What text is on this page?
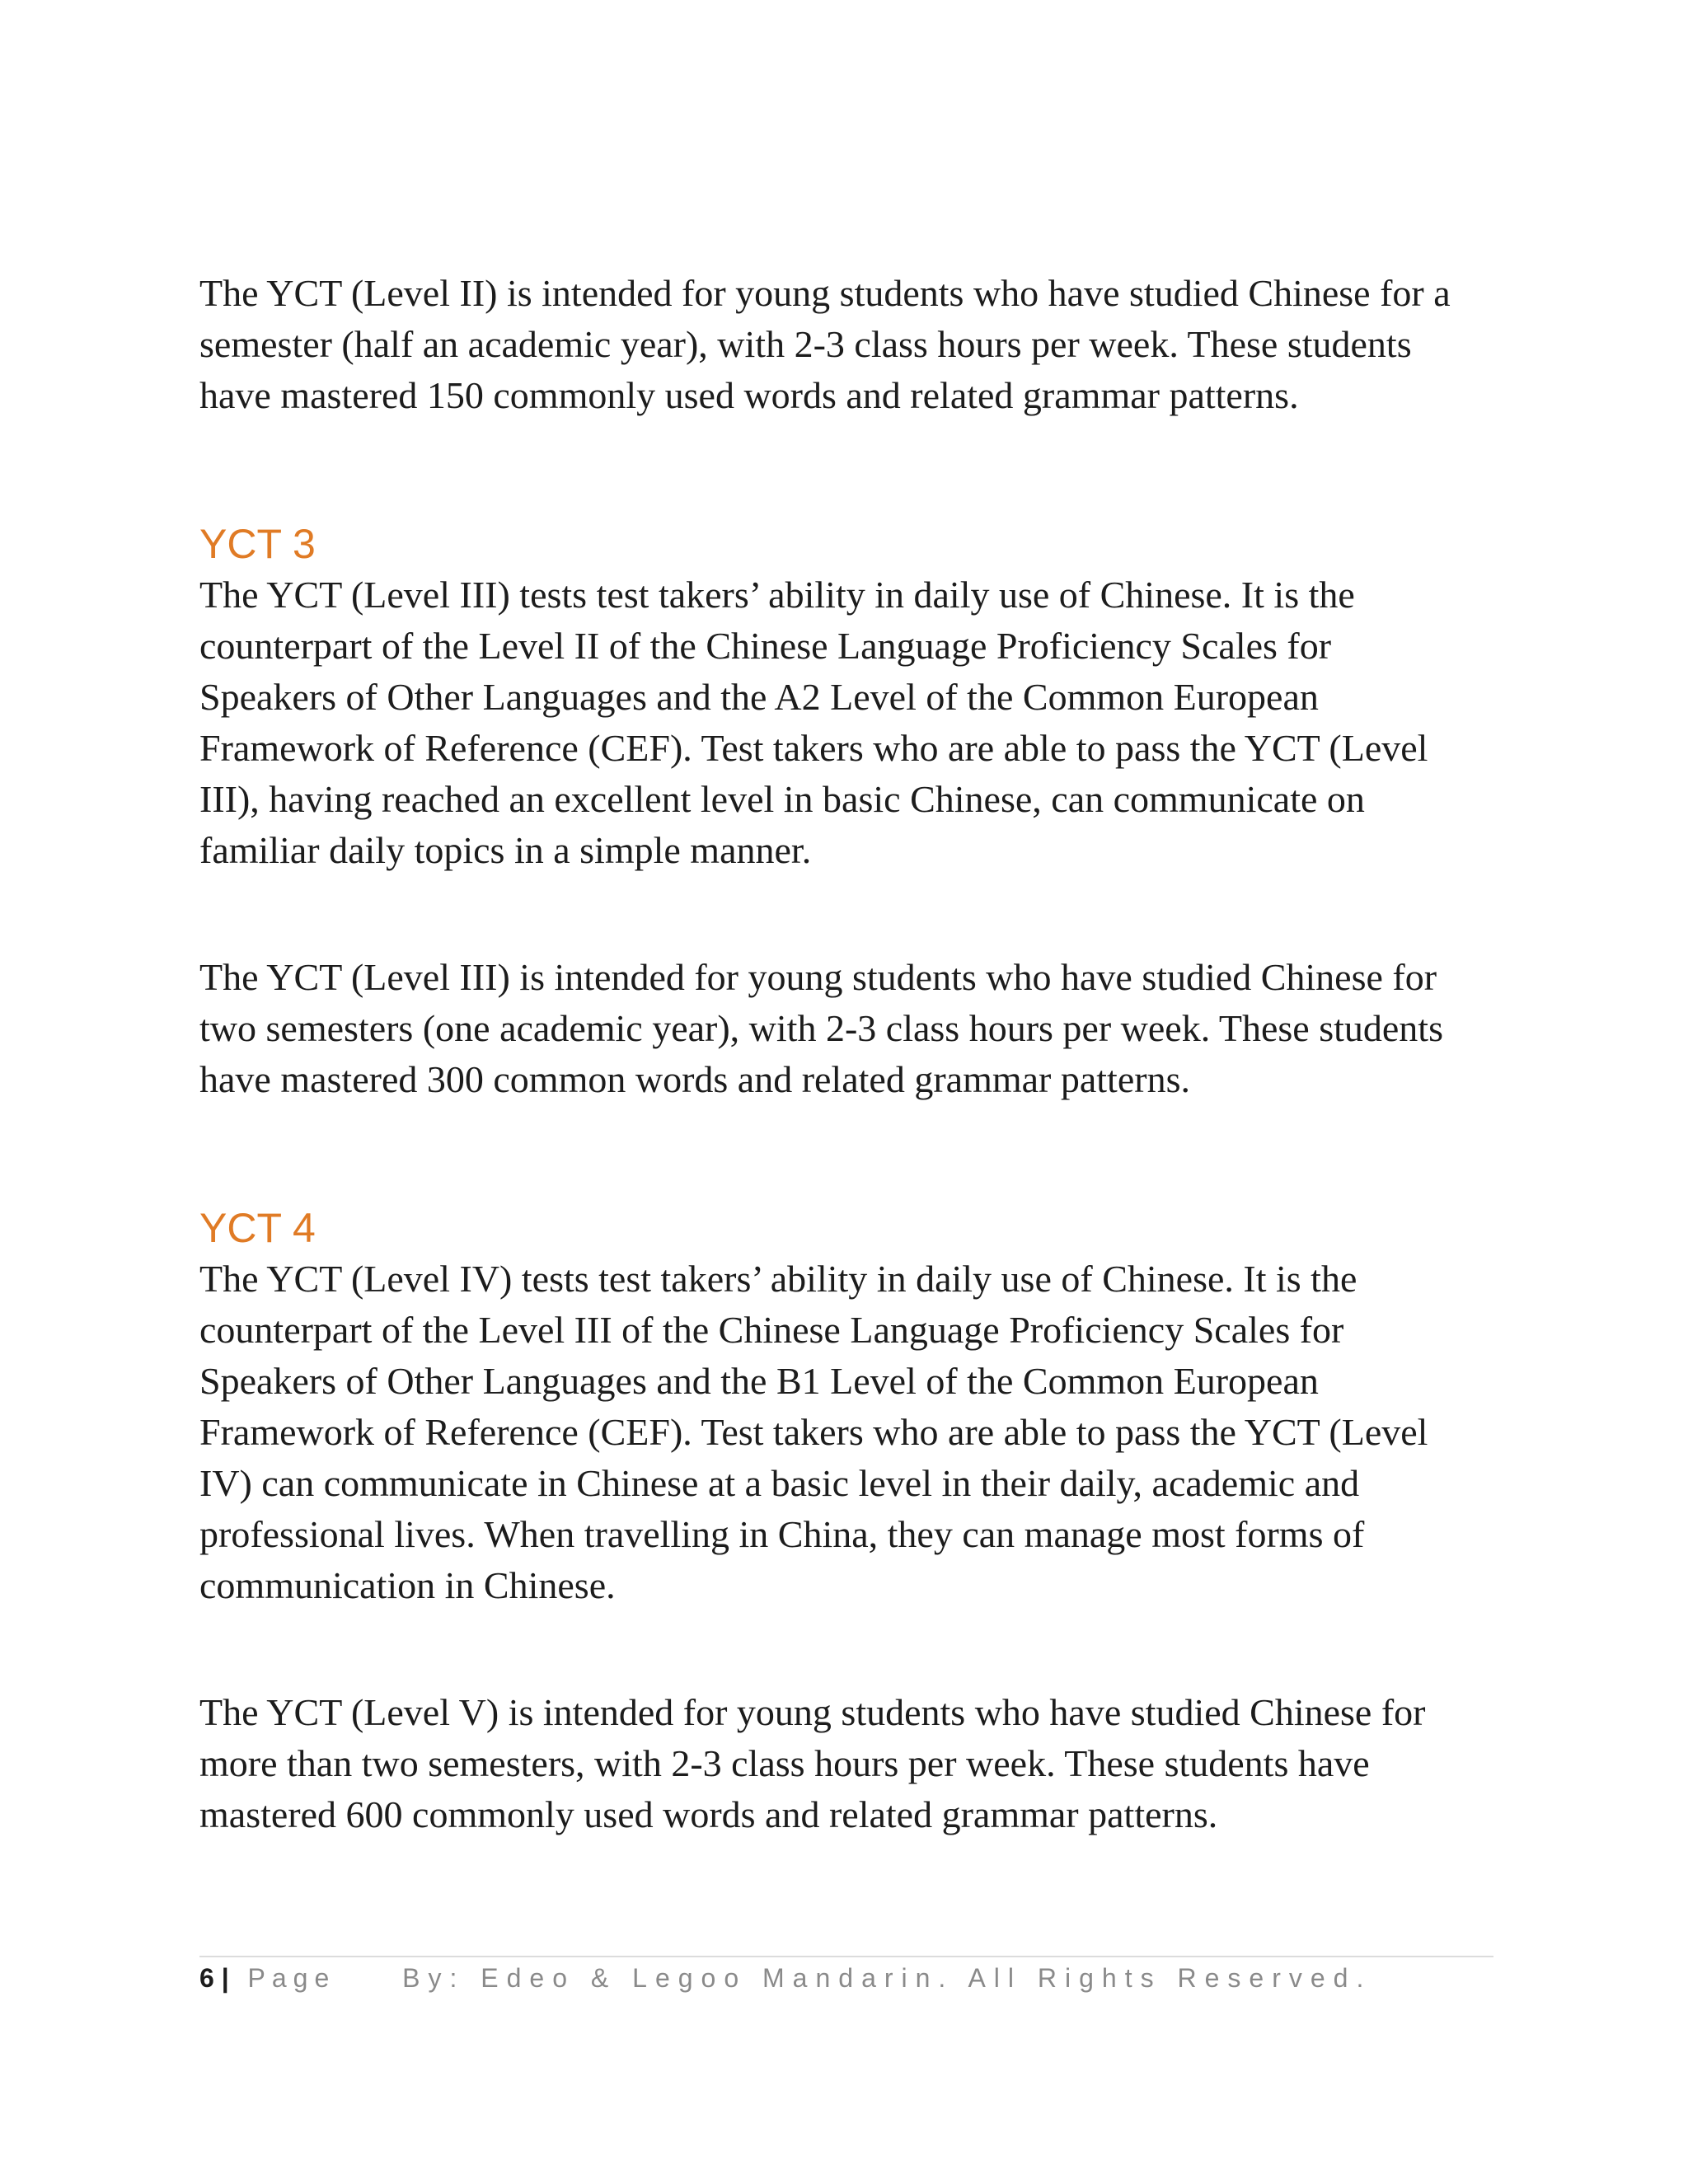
The YCT (Level II) is intended for young students who have studied Chinese for a
semester (half an academic year), with 2-3 class hours per week. These students
have mastered 150 commonly used words and related grammar patterns.

YCT 3

The YCT (Level III) tests test takers’ ability in daily use of Chinese. It is the
counterpart of the Level II of the Chinese Language Proficiency Scales for
Speakers of Other Languages and the A2 Level of the Common European
Framework of Reference (CEF). Test takers who are able to pass the YCT (Level
III), having reached an excellent level in basic Chinese, can communicate on
familiar daily topics in a simple manner.

The YCT (Level III) is intended for young students who have studied Chinese for
two semesters (one academic year), with 2-3 class hours per week. These students
have mastered 300 common words and related grammar patterns.

YCT 4

The YCT (Level IV) tests test takers’ ability in daily use of Chinese. It is the
counterpart of the Level III of the Chinese Language Proficiency Scales for
Speakers of Other Languages and the B1 Level of the Common European
Framework of Reference (CEF). Test takers who are able to pass the YCT (Level
IV) can communicate in Chinese at a basic level in their daily, academic and
professional lives. When travelling in China, they can manage most forms of
communication in Chinese.

The YCT (Level V) is intended for young students who have studied Chinese for
more than two semesters, with 2-3 class hours per week. These students have
mastered 600 commonly used words and related grammar patterns.

6 | Page	By: Edeo & Legoo Mandarin. All Rights Reserved.
